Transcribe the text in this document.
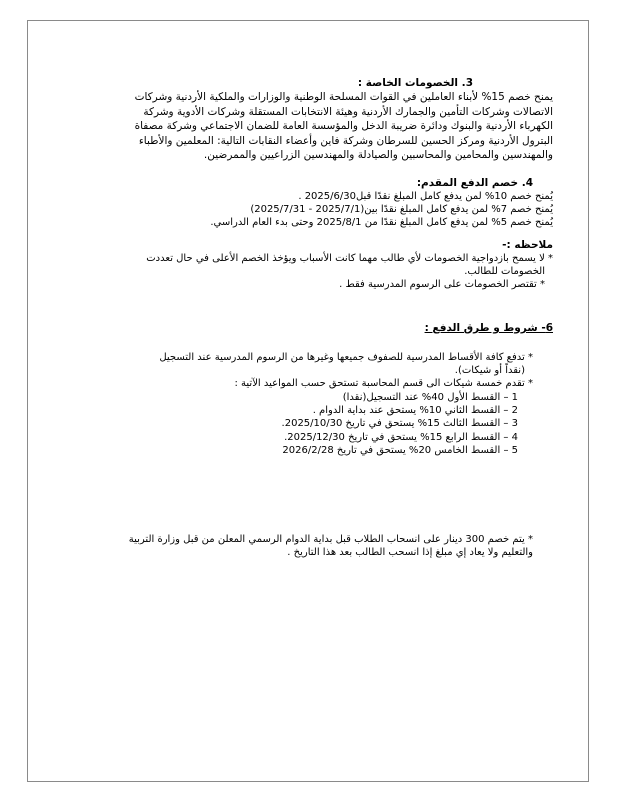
3. الخصومات الخاصة :
يمنح خصم 15% لأبناء العاملين في القوات المسلحة الوطنية والوزارات والملكية الأردنية وشركات
الاتصالات وشركات التأمين والجمارك الأردنية وهيئة الانتخابات المستقلة وشركات الأدوية وشركة
الكهرباء الأردنية والبنوك ودائرة ضريبة الدخل والمؤسسة العامة للضمان الاجتماعي وشركة مصفاة
البترول الأردنية ومركز الحسين للسرطان وشركة فاين وأعضاء النقابات التالية: المعلمين والأطباء
والمهندسين والمحامين والمحاسبين والصيادلة والمهندسين الزراعيين والممرضين.
4. خصم الدفع المقدم:
يُمنح خصم 10% لمن يدفع كامل المبلغ نقدًا قبل2025/6/30 .
يُمنح خصم 7% لمن يدفع كامل المبلغ نقدًا بين(2025/7/1 - 2025/7/31)
يُمنح خصم 5% لمن يدفع كامل المبلغ نقدًا من 2025/8/1 وحتى بدء العام الدراسي.
ملاحظه :-
* لا يسمح بازدواجية الخصومات لأي طالب مهما كانت الأسباب ويؤخذ الخصم الأعلى في حال تعددت
الخصومات للطالب.
* تقتصر الخصومات على الرسوم المدرسية فقط .
6- شروط و طرق الدفع :
* تدفع كافة الأقساط المدرسية للصفوف جميعها وغيرها من الرسوم المدرسية عند التسجيل
(نقداً أو شيكات).
* تقدم خمسة شيكات الى قسم المحاسبة تستحق حسب المواعيد الآتية :
1 – القسط الأول 40% عند التسجيل(نقدا)
2 – القسط الثاني 10% يستحق عند بداية الدوام .
3 – القسط الثالث 15% يستحق في تاريخ 2025/10/30.
4 – القسط الرابع 15% يستحق في تاريخ 2025/12/30.
5 – القسط الخامس 20% يستحق في تاريخ 2026/2/28
* يتم خصم 300 دينار على انسحاب الطلاب قبل بداية الدوام الرسمي المعلن من قبل وزارة التربية
والتعليم ولا يعاد إي مبلغ إذا انسحب الطالب بعد هذا التاريخ .
